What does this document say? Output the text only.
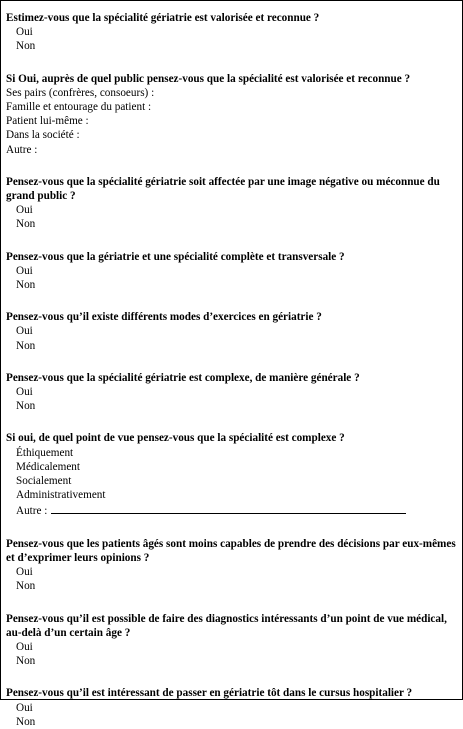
Estimez-vous que la spécialité gériatrie est valorisée et reconnue ?

Oui

Non

Si Oui, auprès de quel public pensez-vous que la spécialité est valorisée et reconnue ?

Ses pairs (confrères, consoeurs) :

Famille et entourage du patient :

Patient lui-même :

Dans la société :

Autre :

Pensez-vous que la spécialité gériatrie soit affectée par une image négative ou méconnue du grand public ?

Oui

Non

Pensez-vous que la gériatrie et une spécialité complète et transversale ?

Oui

Non

Pensez-vous qu’il existe différents modes d’exercices en gériatrie ?

Oui

Non

Pensez-vous que la spécialité gériatrie est complexe, de manière générale ?

Oui

Non

Si oui, de quel point de vue pensez-vous que la spécialité est complexe ?

Éthiquement

Médicalement

Socialement

Administrativement

Autre :

Pensez-vous que les patients âgés sont moins capables de prendre des décisions par eux-mêmes et d’exprimer leurs opinions ?

Oui

Non

Pensez-vous qu’il est possible de faire des diagnostics intéressants d’un point de vue médical, au-delà d’un certain âge ?

Oui

Non

Pensez-vous qu’il est intéressant de passer en gériatrie tôt dans le cursus hospitalier ?

Oui

Non
